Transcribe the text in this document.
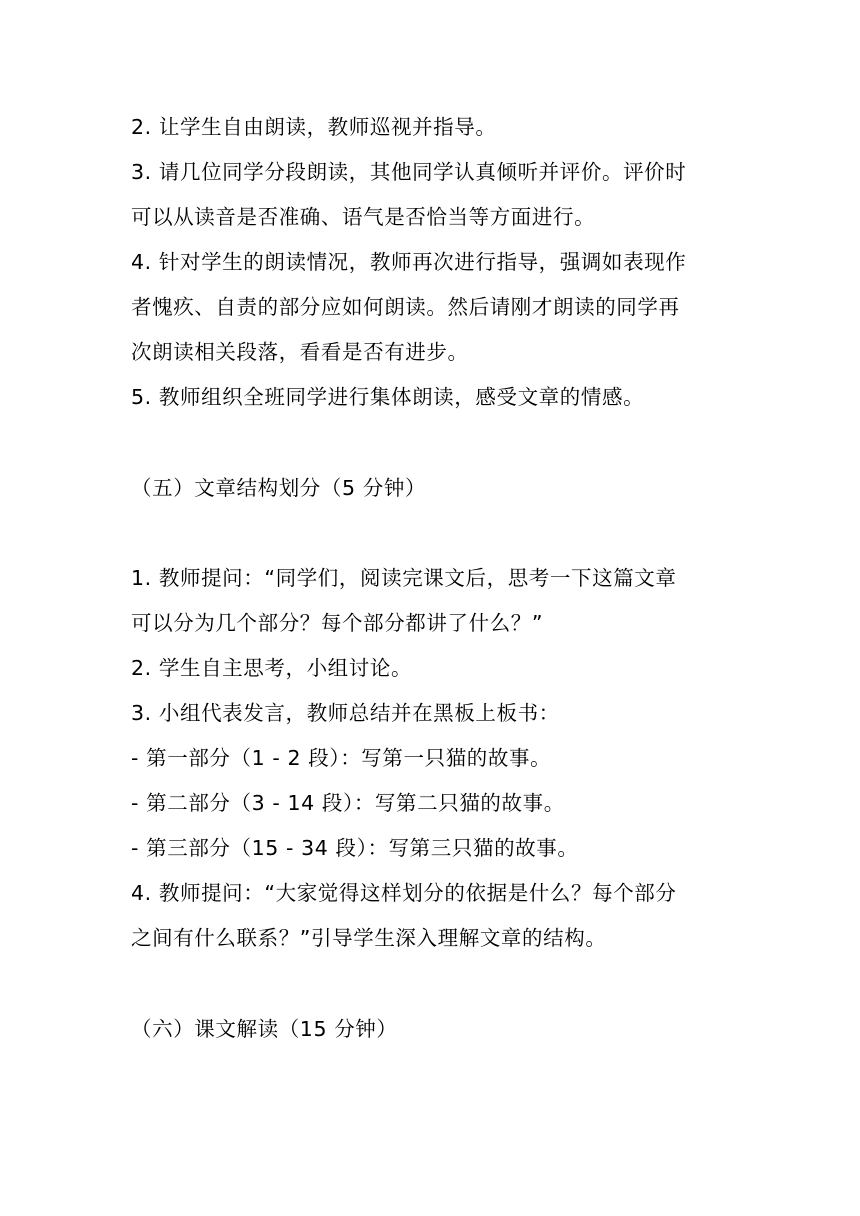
2. 让学生自由朗读，教师巡视并指导。
3. 请几位同学分段朗读，其他同学认真倾听并评价。评价时
可以从读音是否准确、语气是否恰当等方面进行。
4. 针对学生的朗读情况，教师再次进行指导，强调如表现作
者愧疚、自责的部分应如何朗读。然后请刚才朗读的同学再
次朗读相关段落，看看是否有进步。
5. 教师组织全班同学进行集体朗读，感受文章的情感。
（五）文章结构划分（5 分钟）
1. 教师提问：“同学们，阅读完课文后，思考一下这篇文章
可以分为几个部分？每个部分都讲了什么？”
2. 学生自主思考，小组讨论。
3. 小组代表发言，教师总结并在黑板上板书：
- 第一部分（1 - 2 段）：写第一只猫的故事。
- 第二部分（3 - 14 段）：写第二只猫的故事。
- 第三部分（15 - 34 段）：写第三只猫的故事。
4. 教师提问：“大家觉得这样划分的依据是什么？每个部分
之间有什么联系？”引导学生深入理解文章的结构。
（六）课文解读（15 分钟）
